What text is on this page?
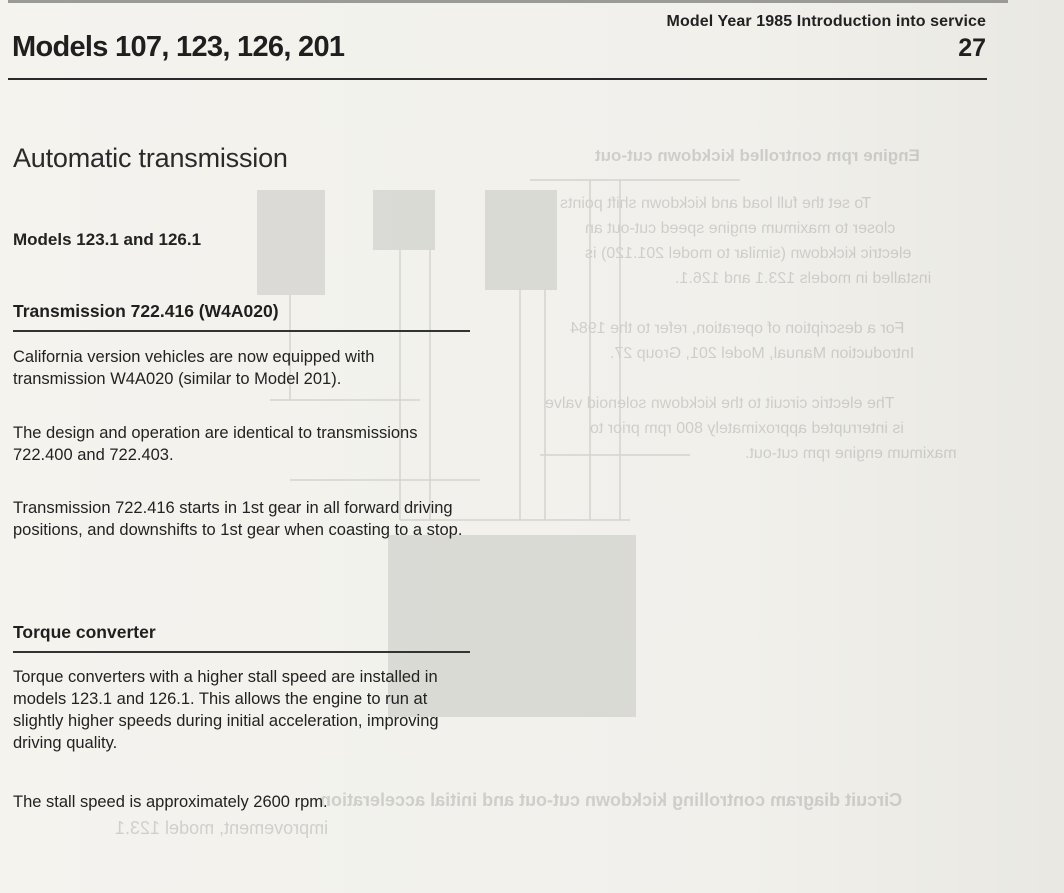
Engine rpm controlled kickdown cut-out
To set the full load and kickdown shift points
closer to maximum engine speed cut-out an
electric kickdown (similar to model 201.120) is
installed in models 123.1 and 126.1.
For a description of operation, refer to the 1984
Introduction Manual, Model 201, Group 27.
The electric circuit to the kickdown solenoid valve
is interrupted approximately 800 rpm prior to
maximum engine rpm cut-out.
Circuit diagram controlling kickdown cut-out and initial acceleration
improvement, model 123.1
Model Year 1985 Introduction into service
Models 107, 123, 126, 201	27
Automatic transmission
Models 123.1 and 126.1
Transmission 722.416 (W4A020)
California version vehicles are now equipped with transmission W4A020 (similar to Model 201).
The design and operation are identical to transmissions 722.400 and 722.403.
Transmission 722.416 starts in 1st gear in all forward driving positions, and downshifts to 1st gear when coasting to a stop.
Torque converter
Torque converters with a higher stall speed are installed in models 123.1 and 126.1. This allows the engine to run at slightly higher speeds during initial acceleration, improving driving quality.
The stall speed is approximately 2600 rpm.
